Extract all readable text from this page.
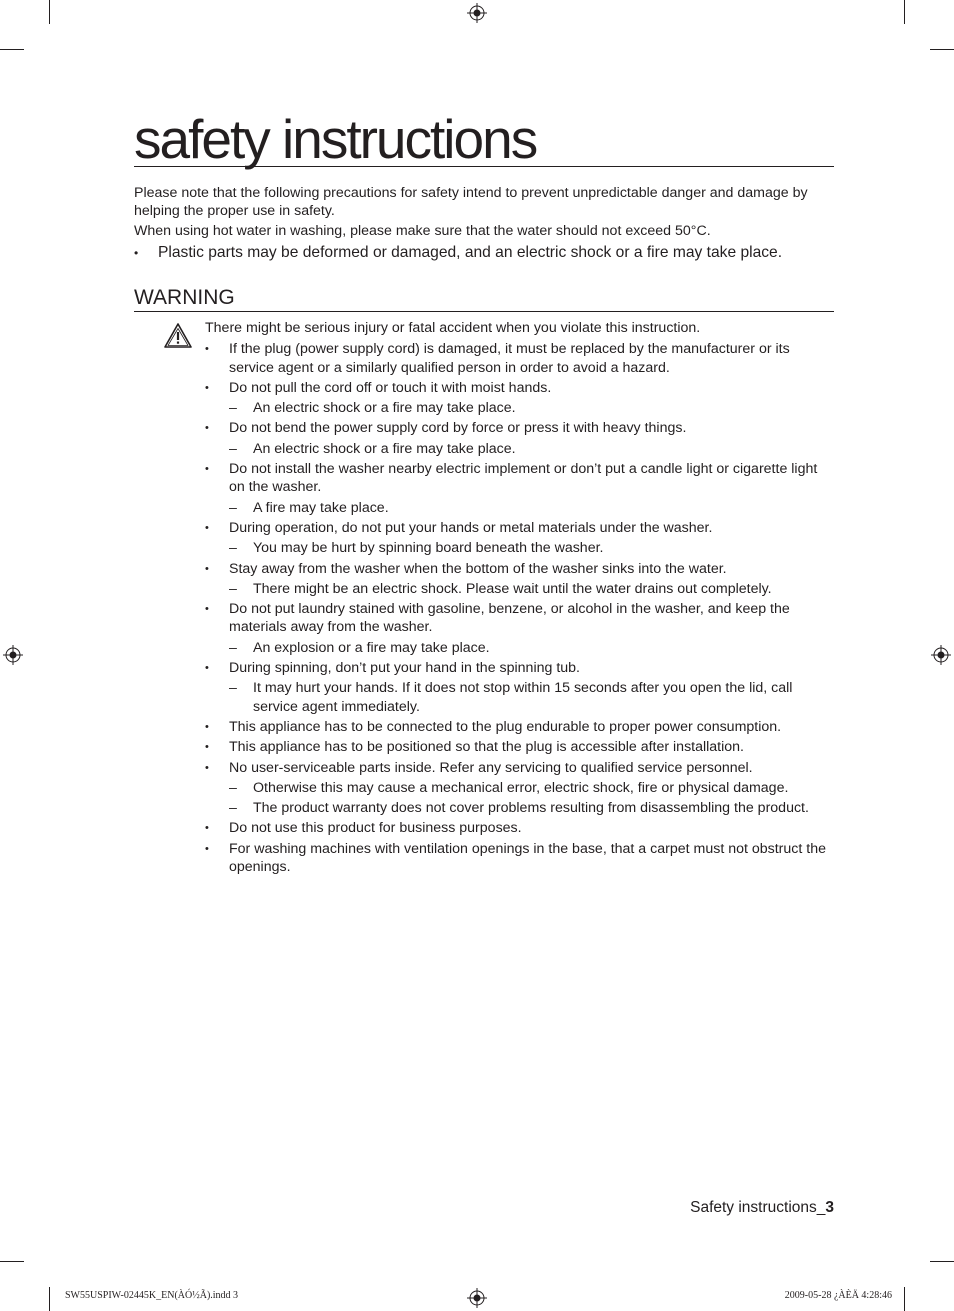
safety instructions

Please note that the following precautions for safety intend to prevent unpredictable danger and damage by helping the proper use in safety.

When using hot water in washing, please make sure that the water should not exceed 50°C.

• Plastic parts may be deformed or damaged, and an electric shock or a fire may take place.
WARNING

There might be serious injury or fatal accident when you violate this instruction.

• If the plug (power supply cord) is damaged, it must be replaced by the manufacturer or its service agent or a similarly qualified person in order to avoid a hazard.
• Do not pull the cord off or touch it with moist hands.
– An electric shock or a fire may take place.
• Do not bend the power supply cord by force or press it with heavy things.
– An electric shock or a fire may take place.
• Do not install the washer nearby electric implement or don’t put a candle light or cigarette light on the washer.
– A fire may take place.
• During operation, do not put your hands or metal materials under the washer.
– You may be hurt by spinning board beneath the washer.
• Stay away from the washer when the bottom of the washer sinks into the water.
– There might be an electric shock. Please wait until the water drains out completely.
• Do not put laundry stained with gasoline, benzene, or alcohol in the washer, and keep the materials away from the washer.
– An explosion or a fire may take place.
• During spinning, don’t put your hand in the spinning tub.
– It may hurt your hands. If it does not stop within 15 seconds after you open the lid, call service agent immediately.
• This appliance has to be connected to the plug endurable to proper power consumption.
• This appliance has to be positioned so that the plug is accessible after installation.
• No user-serviceable parts inside. Refer any servicing to qualified service personnel.
– Otherwise this may cause a mechanical error, electric shock, fire or physical damage.
– The product warranty does not cover problems resulting from disassembling the product.
• Do not use this product for business purposes.
• For washing machines with ventilation openings in the base, that a carpet must not obstruct the openings.
Safety instructions_3
SW55USPIW-02445K_EN(ÀÓ½Ã).indd 3	2009-05-28 ¿ÀÈÄ 4:28:46
